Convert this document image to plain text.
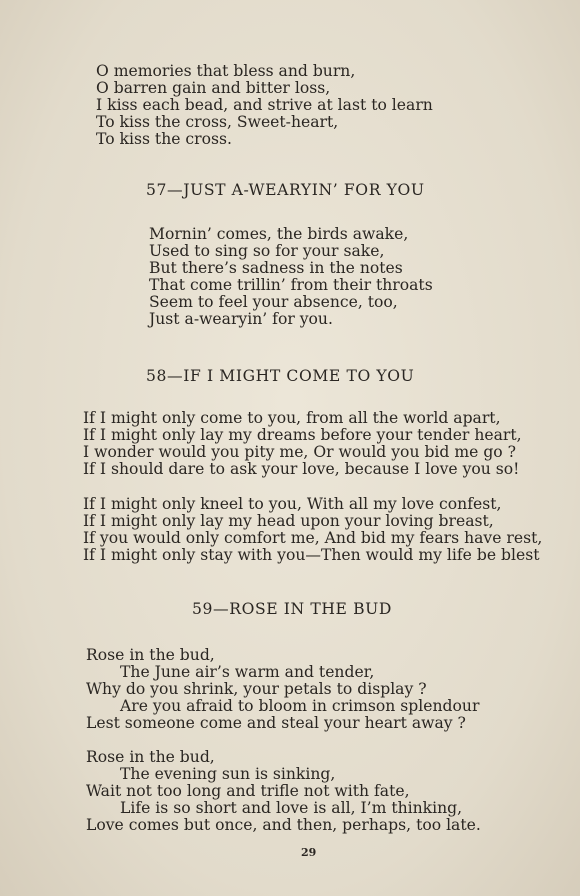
O memories that bless and burn,
O barren gain and bitter loss,
I kiss each bead, and strive at last to learn
To kiss the cross, Sweet-heart,
To kiss the cross.
57—JUST A-WEARYIN’ FOR YOU
Mornin’ comes, the birds awake,
Used to sing so for your sake,
But there’s sadness in the notes
That come trillin’ from their throats
Seem to feel your absence, too,
Just a-wearyin’ for you.
58—IF I MIGHT COME TO YOU
If I might only come to you, from all the world apart,
If I might only lay my dreams before your tender heart,
I wonder would you pity me, Or would you bid me go ?
If I should dare to ask your love, because I love you so!
If I might only kneel to you, With all my love confest,
If I might only lay my head upon your loving breast,
If you would only comfort me, And bid my fears have rest,
If I might only stay with you—Then would my life be blest
59—ROSE IN THE BUD
Rose in the bud,
The June air’s warm and tender,
Why do you shrink, your petals to display ?
Are you afraid to bloom in crimson splendour
Lest someone come and steal your heart away ?
Rose in the bud,
The evening sun is sinking,
Wait not too long and trifle not with fate,
Life is so short and love is all, I’m thinking,
Love comes but once, and then, perhaps, too late.
29
